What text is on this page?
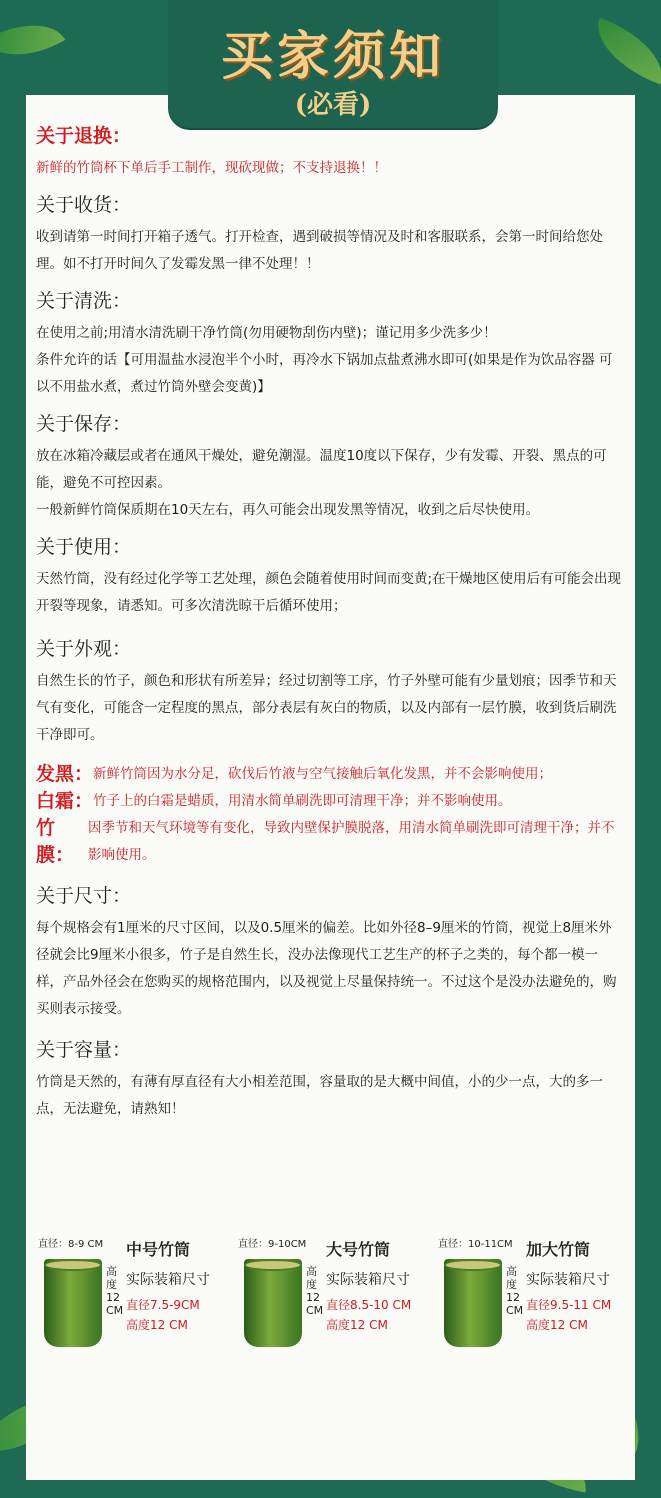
关于退换：

新鲜的竹筒杯下单后手工制作，现砍现做；不支持退换！！

关于收货：

收到请第一时间打开箱子透气。打开检查，遇到破损等情况及时和客服联系，会第一时间给您处理。如不打开时间久了发霉发黑一律不处理！！

关于清洗：

在使用之前;用清水清洗刷干净竹筒(勿用硬物刮伤内壁)；谨记用多少洗多少！

条件允许的话【可用温盐水浸泡半个小时，再冷水下锅加点盐煮沸水即可(如果是作为饮品容器 可以不用盐水煮，煮过竹筒外壁会变黄)】

关于保存：

放在冰箱冷藏层或者在通风干燥处，避免潮湿。温度10度以下保存，少有发霉、开裂、黑点的可能，避免不可控因素。

一般新鲜竹筒保质期在10天左右，再久可能会出现发黑等情况，收到之后尽快使用。

关于使用：

天然竹筒，没有经过化学等工艺处理，颜色会随着使用时间而变黄;在干燥地区使用后有可能会出现开裂等现象，请悉知。可多次清洗晾干后循环使用；

关于外观：

自然生长的竹子，颜色和形状有所差异；经过切割等工序，竹子外壁可能有少量划痕；因季节和天气有变化，可能含一定程度的黑点，部分表层有灰白的物质，以及内部有一层竹膜，收到货后刷洗干净即可。

发黑： 新鲜竹筒因为水分足，砍伐后竹液与空气接触后氧化发黑，并不会影响使用；
白霜： 竹子上的白霜是蜡质，用清水简单刷洗即可清理干净；并不影响使用。
竹膜：
因季节和天气环境等有变化，导致内壁保护膜脱落，用清水简单刷洗即可清理干净；并不影响使用。

关于尺寸：

每个规格会有1厘米的尺寸区间，以及0.5厘米的偏差。比如外径8–9厘米的竹筒，视觉上8厘米外径就会比9厘米小很多，竹子是自然生长，没办法像现代工艺生产的杯子之类的，每个都一模一样，产品外径会在您购买的规格范围内，以及视觉上尽量保持统一。不过这个是没办法避免的，购买则表示接受。

关于容量：

竹筒是天然的，有薄有厚直径有大小相差范围，容量取的是大概中间值，小的少一点，大的多一点，无法避免，请熟知！

直径：8-9 CM
高度12 CM
中号竹筒
实际装箱尺寸
直径7.5-9CM
高度12 CM
直径：9-10CM
高度12 CM
大号竹筒
实际装箱尺寸
直径8.5-10 CM
高度12 CM
直径：10-11CM
高度12 CM
加大竹筒
实际装箱尺寸
直径9.5-11 CM
高度12 CM
买家须知
(必看)
